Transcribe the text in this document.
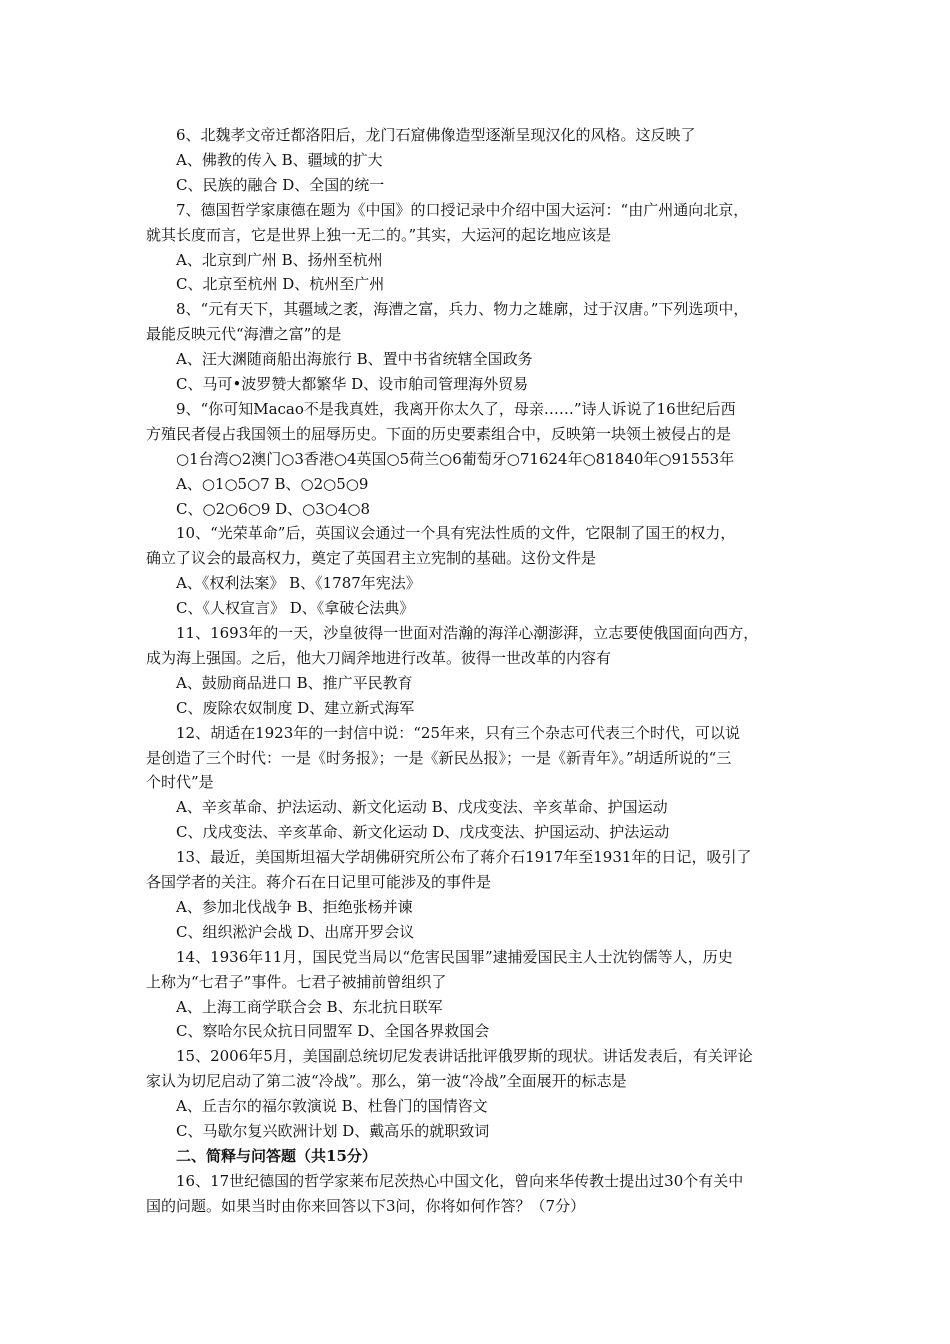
6、北魏孝文帝迁都洛阳后，龙门石窟佛像造型逐渐呈现汉化的风格。这反映了
A、佛教的传入 B、疆域的扩大
C、民族的融合 D、全国的统一
7、德国哲学家康德在题为《中国》的口授记录中介绍中国大运河：“由广州通向北京，
就其长度而言，它是世界上独一无二的。”其实，大运河的起讫地应该是
A、北京到广州 B、扬州至杭州
C、北京至杭州 D、杭州至广州
8、“元有天下，其疆域之袤，海漕之富，兵力、物力之雄廓，过于汉唐。”下列选项中，
最能反映元代“海漕之富”的是
A、汪大渊随商船出海旅行 B、置中书省统辖全国政务
C、马可•波罗赞大都繁华 D、设市舶司管理海外贸易
9、“你可知Macao不是我真姓，我离开你太久了，母亲……”诗人诉说了16世纪后西
方殖民者侵占我国领土的屈辱历史。下面的历史要素组合中，反映第一块领土被侵占的是
○1台湾○2澳门○3香港○4英国○5荷兰○6葡萄牙○71624年○81840年○91553年
A、○1○5○7 B、○2○5○9
C、○2○6○9 D、○3○4○8
10、“光荣革命”后，英国议会通过一个具有宪法性质的文件，它限制了国王的权力，
确立了议会的最高权力，奠定了英国君主立宪制的基础。这份文件是
A、《权利法案》 B、《1787年宪法》
C、《人权宣言》 D、《拿破仑法典》
11、1693年的一天，沙皇彼得一世面对浩瀚的海洋心潮澎湃，立志要使俄国面向西方，
成为海上强国。之后，他大刀阔斧地进行改革。彼得一世改革的内容有
A、鼓励商品进口 B、推广平民教育
C、废除农奴制度 D、建立新式海军
12、胡适在1923年的一封信中说：“25年来，只有三个杂志可代表三个时代，可以说
是创造了三个时代：一是《时务报》；一是《新民丛报》；一是《新青年》。”胡适所说的“三
个时代”是
A、辛亥革命、护法运动、新文化运动 B、戊戌变法、辛亥革命、护国运动
C、戊戌变法、辛亥革命、新文化运动 D、戊戌变法、护国运动、护法运动
13、最近，美国斯坦福大学胡佛研究所公布了蒋介石1917年至1931年的日记，吸引了
各国学者的关注。蒋介石在日记里可能涉及的事件是
A、参加北伐战争 B、拒绝张杨并谏
C、组织淞沪会战 D、出席开罗会议
14、1936年11月，国民党当局以“危害民国罪”逮捕爱国民主人士沈钧儒等人，历史
上称为“七君子”事件。七君子被捕前曾组织了
A、上海工商学联合会 B、东北抗日联军
C、察哈尔民众抗日同盟军 D、全国各界救国会
15、2006年5月，美国副总统切尼发表讲话批评俄罗斯的现状。讲话发表后，有关评论
家认为切尼启动了第二波“冷战”。那么，第一波“冷战”全面展开的标志是
A、丘吉尔的福尔敦演说 B、杜鲁门的国情咨文
C、马歇尔复兴欧洲计划 D、戴高乐的就职致词
二、简释与问答题（共15分）
16、17世纪德国的哲学家莱布尼茨热心中国文化，曾向来华传教士提出过30个有关中
国的问题。如果当时由你来回答以下3问，你将如何作答？（7分）
